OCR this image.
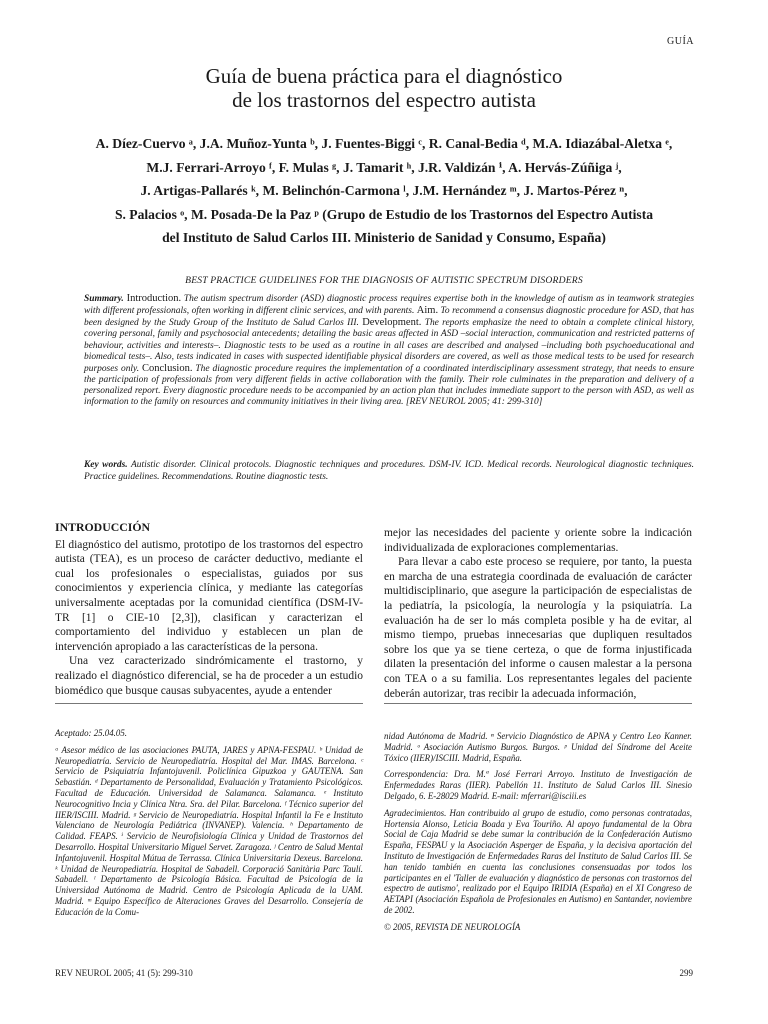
GUÍA
Guía de buena práctica para el diagnóstico
de los trastornos del espectro autista
A. Díez-Cuervo ᵃ, J.A. Muñoz-Yunta ᵇ, J. Fuentes-Biggi ᶜ, R. Canal-Bedia ᵈ, M.A. Idiazábal-Aletxa ᵉ,
M.J. Ferrari-Arroyo ᶠ, F. Mulas ᵍ, J. Tamarit ʰ, J.R. Valdizán ⁱ, A. Hervás-Zúñiga ʲ,
J. Artigas-Pallarés ᵏ, M. Belinchón-Carmona ˡ, J.M. Hernández ᵐ, J. Martos-Pérez ⁿ,
S. Palacios ᵒ, M. Posada-De la Paz ᵖ (Grupo de Estudio de los Trastornos del Espectro Autista
del Instituto de Salud Carlos III. Ministerio de Sanidad y Consumo, España)
BEST PRACTICE GUIDELINES FOR THE DIAGNOSIS OF AUTISTIC SPECTRUM DISORDERS
Summary. Introduction. The autism spectrum disorder (ASD) diagnostic process requires expertise both in the knowledge of autism as in teamwork strategies with different professionals, often working in different clinic services, and with parents. Aim. To recommend a consensus diagnostic procedure for ASD, that has been designed by the Study Group of the Instituto de Salud Carlos III. Development. The reports emphasize the need to obtain a complete clinical history, covering personal, family and psychosocial antecedents; detailing the basic areas affected in ASD –social interaction, communication and restricted patterns of behaviour, activities and interests–. Diagnostic tests to be used as a routine in all cases are described and analysed –including both psychoeducational and biomedical tests–. Also, tests indicated in cases with suspected identifiable physical disorders are covered, as well as those medical tests to be used for research purposes only. Conclusion. The diagnostic procedure requires the implementation of a coordinated interdisciplinary assessment strategy, that needs to ensure the participation of professionals from very different fields in active collaboration with the family. Their role culminates in the preparation and delivery of a personalized report. Every diagnostic procedure needs to be accompanied by an action plan that includes immediate support to the person with ASD, as well as information to the family on resources and community initiatives in their living area. [REV NEUROL 2005; 41: 299-310]
Key words. Autistic disorder. Clinical protocols. Diagnostic techniques and procedures. DSM-IV. ICD. Medical records. Neurological diagnostic techniques. Practice guidelines. Recommendations. Routine diagnostic tests.
INTRODUCCIÓN

El diagnóstico del autismo, prototipo de los trastornos del espectro autista (TEA), es un proceso de carácter deductivo, mediante el cual los profesionales o especialistas, guiados por sus conocimientos y experiencia clínica, y mediante las categorías universalmente aceptadas por la comunidad científica (DSM-IV-TR [1] o CIE-10 [2,3]), clasifican y caracterizan el comportamiento del individuo y establecen un plan de intervención apropiado a las características de la persona.

Una vez caracterizado sindrómicamente el trastorno, y realizado el diagnóstico diferencial, se ha de proceder a un estudio biomédico que busque causas subyacentes, ayude a entender

mejor las necesidades del paciente y oriente sobre la indicación individualizada de exploraciones complementarias.

Para llevar a cabo este proceso se requiere, por tanto, la puesta en marcha de una estrategia coordinada de evaluación de carácter multidisciplinario, que asegure la participación de especialistas de la pediatría, la psicología, la neurología y la psiquiatría. La evaluación ha de ser lo más completa posible y ha de evitar, al mismo tiempo, pruebas innecesarias que dupliquen resultados sobre los que ya se tiene certeza, o que de forma injustificada dilaten la presentación del informe o causen malestar a la persona con TEA o a su familia. Los representantes legales del paciente deberán autorizar, tras recibir la adecuada información,

Aceptado: 25.04.05.

ᵃ Asesor médico de las asociaciones PAUTA, JARES y APNA-FESPAU. ᵇ Unidad de Neuropediatría. Servicio de Neuropediatría. Hospital del Mar. IMAS. Barcelona. ᶜ Servicio de Psiquiatría Infantojuvenil. Policlínica Gipuzkoa y GAUTENA. San Sebastián. ᵈ Departamento de Personalidad, Evaluación y Tratamiento Psicológicos. Facultad de Educación. Universidad de Salamanca. Salamanca. ᵉ Instituto Neurocognitivo Incia y Clínica Ntra. Sra. del Pilar. Barcelona. ᶠ Técnico superior del IIER/ISCIII. Madrid. ᵍ Servicio de Neuropediatría. Hospital Infantil la Fe e Instituto Valenciano de Neurología Pediátrica (INVANEP). Valencia. ʰ Departamento de Calidad. FEAPS. ⁱ Servicio de Neurofisiología Clínica y Unidad de Trastornos del Desarrollo. Hospital Universitario Miguel Servet. Zaragoza. ʲ Centro de Salud Mental Infantojuvenil. Hospital Mútua de Terrassa. Clínica Universitaria Dexeus. Barcelona. ᵏ Unidad de Neuropediatría. Hospital de Sabadell. Corporació Sanitària Parc Taulí. Sabadell. ˡ Departamento de Psicología Básica. Facultad de Psicología de la Universidad Autónoma de Madrid. Centro de Psicología Aplicada de la UAM. Madrid. ᵐ Equipo Específico de Alteraciones Graves del Desarrollo. Consejería de Educación de la Comu-

nidad Autónoma de Madrid. ⁿ Servicio Diagnóstico de APNA y Centro Leo Kanner. Madrid. ᵒ Asociación Autismo Burgos. Burgos. ᵖ Unidad del Síndrome del Aceite Tóxico (IIER)/ISCIII. Madrid, España.

Correspondencia: Dra. M.ª José Ferrari Arroyo. Instituto de Investigación de Enfermedades Raras (IIER). Pabellón 11. Instituto de Salud Carlos III. Sinesio Delgado, 6. E-28029 Madrid. E-mail: mferrari@isciii.es

Agradecimientos. Han contribuido al grupo de estudio, como personas contratadas, Hortensia Alonso, Leticia Boada y Eva Touriño. Al apoyo fundamental de la Obra Social de Caja Madrid se debe sumar la contribución de la Confederación Autismo España, FESPAU y la Asociación Asperger de España, y la decisiva aportación del Instituto de Investigación de Enfermedades Raras del Instituto de Salud Carlos III. Se han tenido también en cuenta las conclusiones consensuadas por todos los participantes en el 'Taller de evaluación y diagnóstico de personas con trastornos del espectro de autismo', realizado por el Equipo IRIDIA (España) en el XI Congreso de AETAPI (Asociación Española de Profesionales en Autismo) en Santander, noviembre de 2002.

© 2005, REVISTA DE NEUROLOGÍA

REV NEUROL 2005; 41 (5): 299-310	299
